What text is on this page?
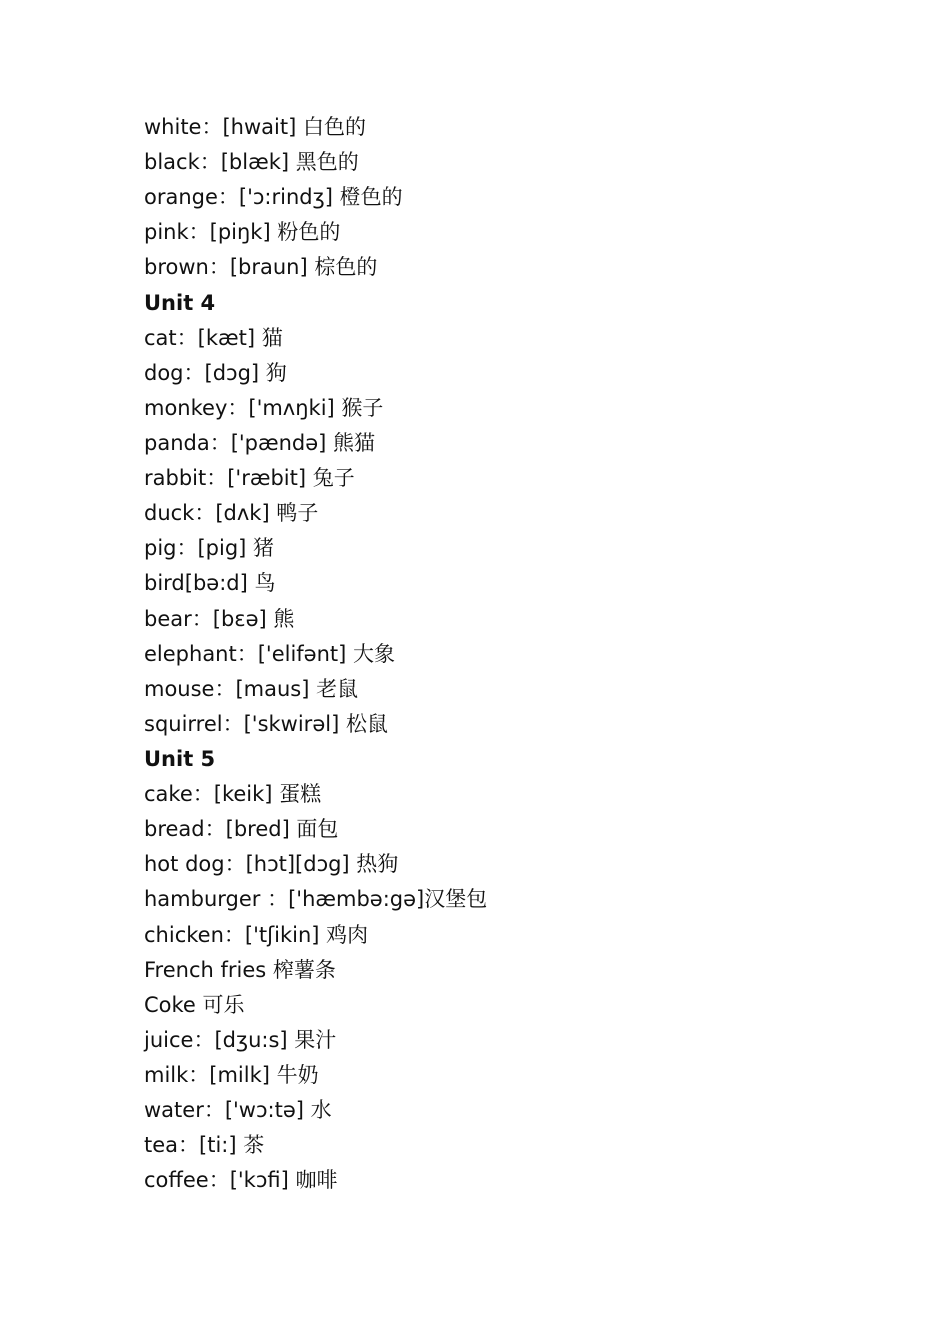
white：[hwait] 白色的
black：[blæk] 黑色的
orange：['ɔ:rindʒ] 橙色的
pink：[piŋk] 粉色的
brown：[braun] 棕色的
Unit 4
cat：[kæt] 猫
dog：[dɔg] 狗
monkey：['mʌŋki] 猴子
panda：['pændə] 熊猫
rabbit：['ræbit] 兔子
duck：[dʌk] 鸭子
pig：[pig] 猪
bird[bə:d] 鸟
bear：[bɛə] 熊
elephant：['elifənt] 大象
mouse：[maus] 老鼠
squirrel：['skwirəl] 松鼠
Unit 5
cake：[keik] 蛋糕
bread：[bred] 面包
hot dog：[hɔt][dɔg] 热狗
hamburger ：['hæmbə:gə]汉堡包
chicken：['tʃikin] 鸡肉
French fries 榨薯条
Coke 可乐
juice：[dʒu:s] 果汁
milk：[milk] 牛奶
water：['wɔ:tə] 水
tea：[ti:] 茶
coffee：['kɔfi] 咖啡
